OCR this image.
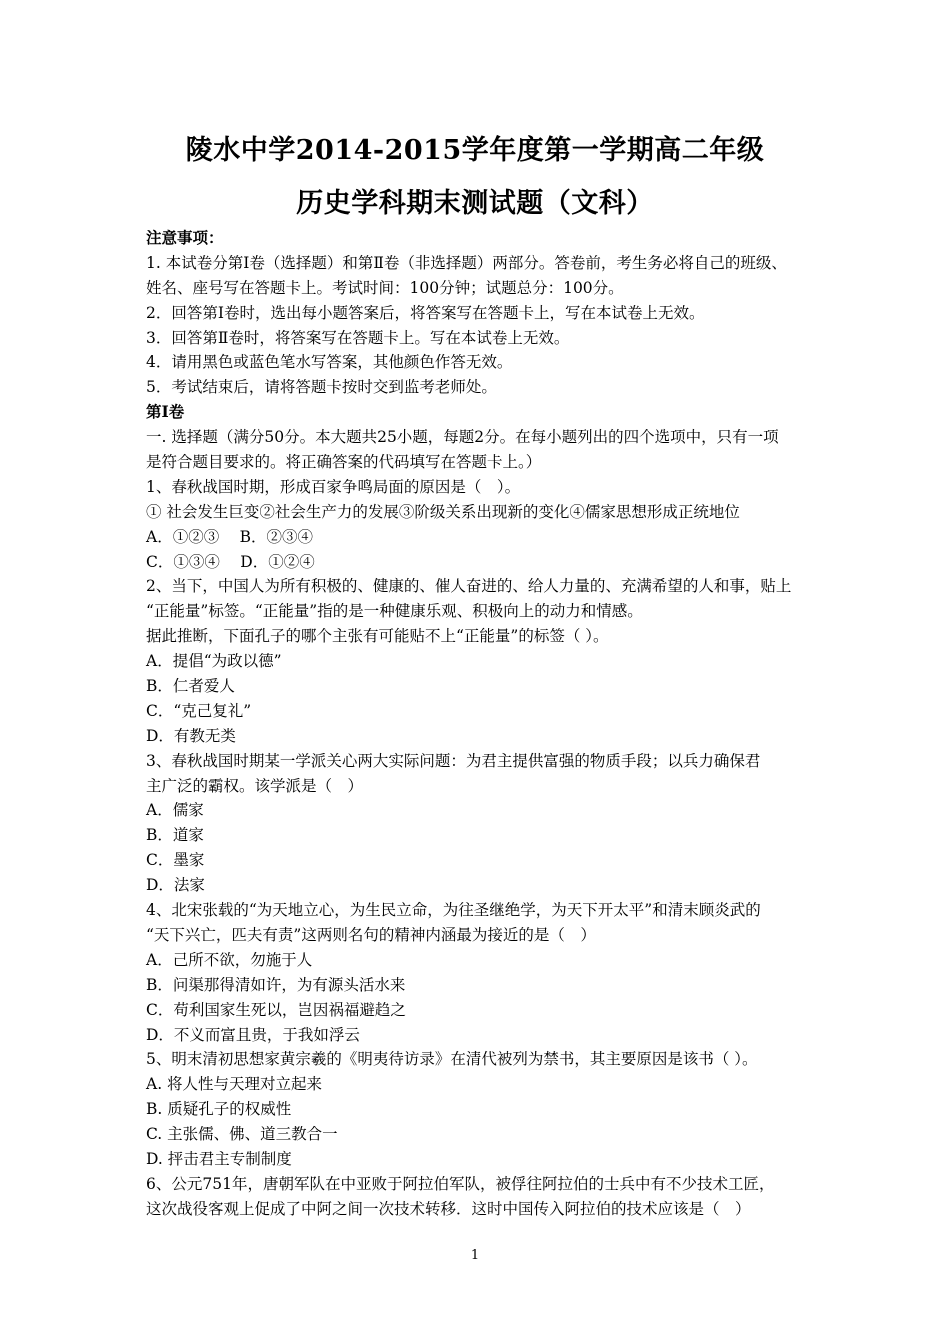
陵水中学2014-2015学年度第一学期高二年级
历史学科期末测试题（文科）
注意事项：
1. 本试卷分第Ⅰ卷（选择题）和第Ⅱ卷（非选择题）两部分。答卷前，考生务必将自己的班级、
姓名、座号写在答题卡上。考试时间：100分钟；试题总分：100分。
2．回答第Ⅰ卷时，选出每小题答案后，将答案写在答题卡上，写在本试卷上无效。
3．回答第Ⅱ卷时，将答案写在答题卡上。写在本试卷上无效。
4．请用黑色或蓝色笔水写答案，其他颜色作答无效。
5．考试结束后，请将答题卡按时交到监考老师处。
第Ⅰ卷
一. 选择题（满分50分。本大题共25小题，每题2分。在每小题列出的四个选项中，只有一项
是符合题目要求的。将正确答案的代码填写在答题卡上。）
1、春秋战国时期，形成百家争鸣局面的原因是（　）。
① 社会发生巨变②社会生产力的发展③阶级关系出现新的变化④儒家思想形成正统地位
A．①②③　 B．②③④
C．①③④　 D．①②④
2、当下，中国人为所有积极的、健康的、催人奋进的、给人力量的、充满希望的人和事，贴上
“正能量”标签。“正能量”指的是一种健康乐观、积极向上的动力和情感。
据此推断，下面孔子的哪个主张有可能贴不上“正能量”的标签（ ）。
A．提倡“为政以德”
B．仁者爱人
C．“克己复礼”
D．有教无类
3、春秋战国时期某一学派关心两大实际问题：为君主提供富强的物质手段；以兵力确保君
主广泛的霸权。该学派是（　）
A．儒家
B．道家
C．墨家
D．法家
4、北宋张载的“为天地立心，为生民立命，为往圣继绝学，为天下开太平”和清末顾炎武的
“天下兴亡，匹夫有责”这两则名句的精神内涵最为接近的是（　）
A．己所不欲，勿施于人
B．问渠那得清如许，为有源头活水来
C．苟利国家生死以，岂因祸福避趋之
D．不义而富且贵，于我如浮云
5、明末清初思想家黄宗羲的《明夷待访录》在清代被列为禁书，其主要原因是该书（ ）。
A. 将人性与天理对立起来
B. 质疑孔子的权威性
C. 主张儒、佛、道三教合一
D. 抨击君主专制制度
6、公元751年，唐朝军队在中亚败于阿拉伯军队，被俘往阿拉伯的士兵中有不少技术工匠，
这次战役客观上促成了中阿之间一次技术转移．这时中国传入阿拉伯的技术应该是（　）
1
